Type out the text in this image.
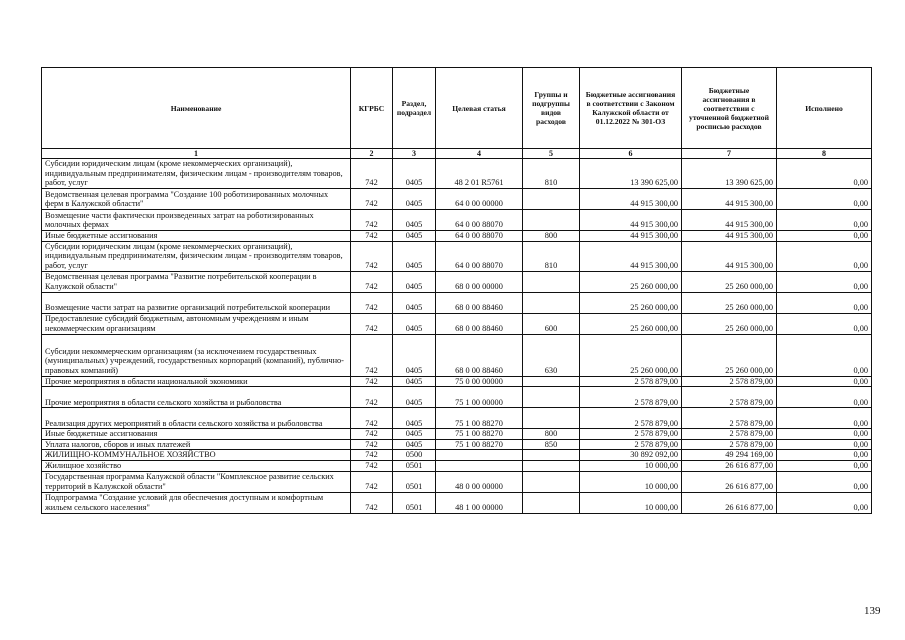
Наименование	КГРБС	Раздел, подраздел	Целевая статья	Группы и подгруппы видов расходов	Бюджетные ассигнования в соответствии с Законом Калужской области от 01.12.2022 № 301-ОЗ	Бюджетные ассигнования в соответствии с уточненной бюджетной росписью расходов	Исполнено
1	2	3	4	5	6	7	8
Субсидии юридическим лицам (кроме некоммерческих организаций), индивидуальным предпринимателям, физическим лицам - производителям товаров, работ, услуг	742	0405	48 2 01 R5761	810	13 390 625,00	13 390 625,00	0,00
Ведомственная целевая программа "Создание 100 роботизированных молочных ферм в Калужской области"	742	0405	64 0 00 00000		44 915 300,00	44 915 300,00	0,00
Возмещение части фактически произведенных затрат на роботизированных молочных фермах	742	0405	64 0 00 88070		44 915 300,00	44 915 300,00	0,00
Иные бюджетные ассигнования	742	0405	64 0 00 88070	800	44 915 300,00	44 915 300,00	0,00
Субсидии юридическим лицам (кроме некоммерческих организаций), индивидуальным предпринимателям, физическим лицам - производителям товаров, работ, услуг	742	0405	64 0 00 88070	810	44 915 300,00	44 915 300,00	0,00
Ведомственная целевая программа "Развитие потребительской кооперации в Калужской области"	742	0405	68 0 00 00000		25 260 000,00	25 260 000,00	0,00
Возмещение части затрат на развитие организаций потребительской кооперации	742	0405	68 0 00 88460		25 260 000,00	25 260 000,00	0,00
Предоставление субсидий бюджетным, автономным учреждениям и иным некоммерческим организациям	742	0405	68 0 00 88460	600	25 260 000,00	25 260 000,00	0,00
Субсидии некоммерческим организациям (за исключением государственных (муниципальных) учреждений, государственных корпораций (компаний), публично-правовых компаний)	742	0405	68 0 00 88460	630	25 260 000,00	25 260 000,00	0,00
Прочие мероприятия в области национальной экономики	742	0405	75 0 00 00000		2 578 879,00	2 578 879,00	0,00
Прочие мероприятия в области сельского хозяйства и рыболовства	742	0405	75 1 00 00000		2 578 879,00	2 578 879,00	0,00
Реализация других мероприятий в области сельского хозяйства и рыболовства	742	0405	75 1 00 88270		2 578 879,00	2 578 879,00	0,00
Иные бюджетные ассигнования	742	0405	75 1 00 88270	800	2 578 879,00	2 578 879,00	0,00
Уплата налогов, сборов и иных платежей	742	0405	75 1 00 88270	850	2 578 879,00	2 578 879,00	0,00
ЖИЛИЩНО-КОММУНАЛЬНОЕ ХОЗЯЙСТВО	742	0500			30 892 092,00	49 294 169,00	0,00
Жилищное хозяйство	742	0501			10 000,00	26 616 877,00	0,00
Государственная программа Калужской области "Комплексное развитие сельских территорий в Калужской области"	742	0501	48 0 00 00000		10 000,00	26 616 877,00	0,00
Подпрограмма "Создание условий для обеспечения доступным и комфортным жильем сельского населения"	742	0501	48 1 00 00000		10 000,00	26 616 877,00	0,00
139
